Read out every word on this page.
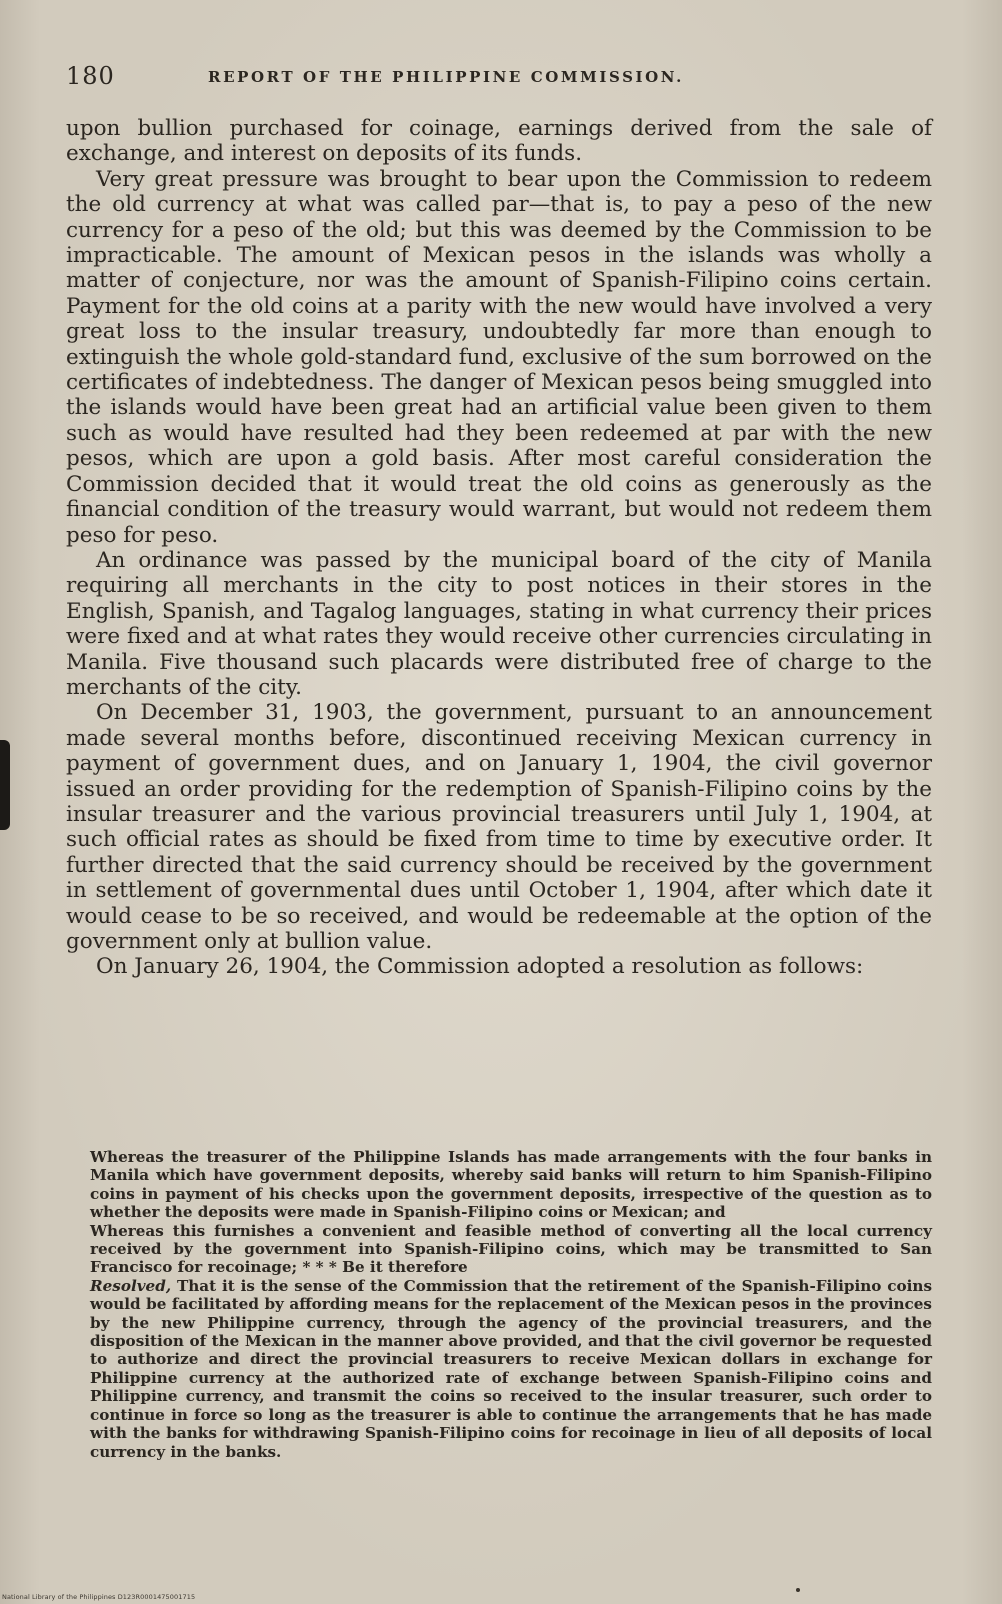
180	REPORT OF THE PHILIPPINE COMMISSION.

upon bullion purchased for coinage, earnings derived from the sale of exchange, and interest on deposits of its funds.

Very great pressure was brought to bear upon the Commission to redeem the old currency at what was called par—that is, to pay a peso of the new currency for a peso of the old; but this was deemed by the Commission to be impracticable. The amount of Mexican pesos in the islands was wholly a matter of conjecture, nor was the amount of Spanish-Filipino coins certain. Payment for the old coins at a parity with the new would have involved a very great loss to the insular treasury, undoubtedly far more than enough to extinguish the whole gold-standard fund, exclusive of the sum borrowed on the certificates of indebtedness. The danger of Mexican pesos being smuggled into the islands would have been great had an artificial value been given to them such as would have resulted had they been redeemed at par with the new pesos, which are upon a gold basis. After most careful consideration the Commission decided that it would treat the old coins as generously as the financial condition of the treasury would warrant, but would not redeem them peso for peso.

An ordinance was passed by the municipal board of the city of Manila requiring all merchants in the city to post notices in their stores in the English, Spanish, and Tagalog languages, stating in what currency their prices were fixed and at what rates they would receive other currencies circulating in Manila. Five thousand such placards were distributed free of charge to the merchants of the city.

On December 31, 1903, the government, pursuant to an announcement made several months before, discontinued receiving Mexican currency in payment of government dues, and on January 1, 1904, the civil governor issued an order providing for the redemption of Spanish-Filipino coins by the insular treasurer and the various provincial treasurers until July 1, 1904, at such official rates as should be fixed from time to time by executive order. It further directed that the said currency should be received by the government in settlement of governmental dues until October 1, 1904, after which date it would cease to be so received, and would be redeemable at the option of the government only at bullion value.

On January 26, 1904, the Commission adopted a resolution as follows:

Whereas the treasurer of the Philippine Islands has made arrangements with the four banks in Manila which have government deposits, whereby said banks will return to him Spanish-Filipino coins in payment of his checks upon the government deposits, irrespective of the question as to whether the deposits were made in Spanish-Filipino coins or Mexican; and

Whereas this furnishes a convenient and feasible method of converting all the local currency received by the government into Spanish-Filipino coins, which may be transmitted to San Francisco for recoinage; * * * Be it therefore

Resolved, That it is the sense of the Commission that the retirement of the Spanish-Filipino coins would be facilitated by affording means for the replacement of the Mexican pesos in the provinces by the new Philippine currency, through the agency of the provincial treasurers, and the disposition of the Mexican in the manner above provided, and that the civil governor be requested to authorize and direct the provincial treasurers to receive Mexican dollars in exchange for Philippine currency at the authorized rate of exchange between Spanish-Filipino coins and Philippine currency, and transmit the coins so received to the insular treasurer, such order to continue in force so long as the treasurer is able to continue the arrangements that he has made with the banks for withdrawing Spanish-Filipino coins for recoinage in lieu of all deposits of local currency in the banks.

National Library of the Philippines D123R0001475001715
